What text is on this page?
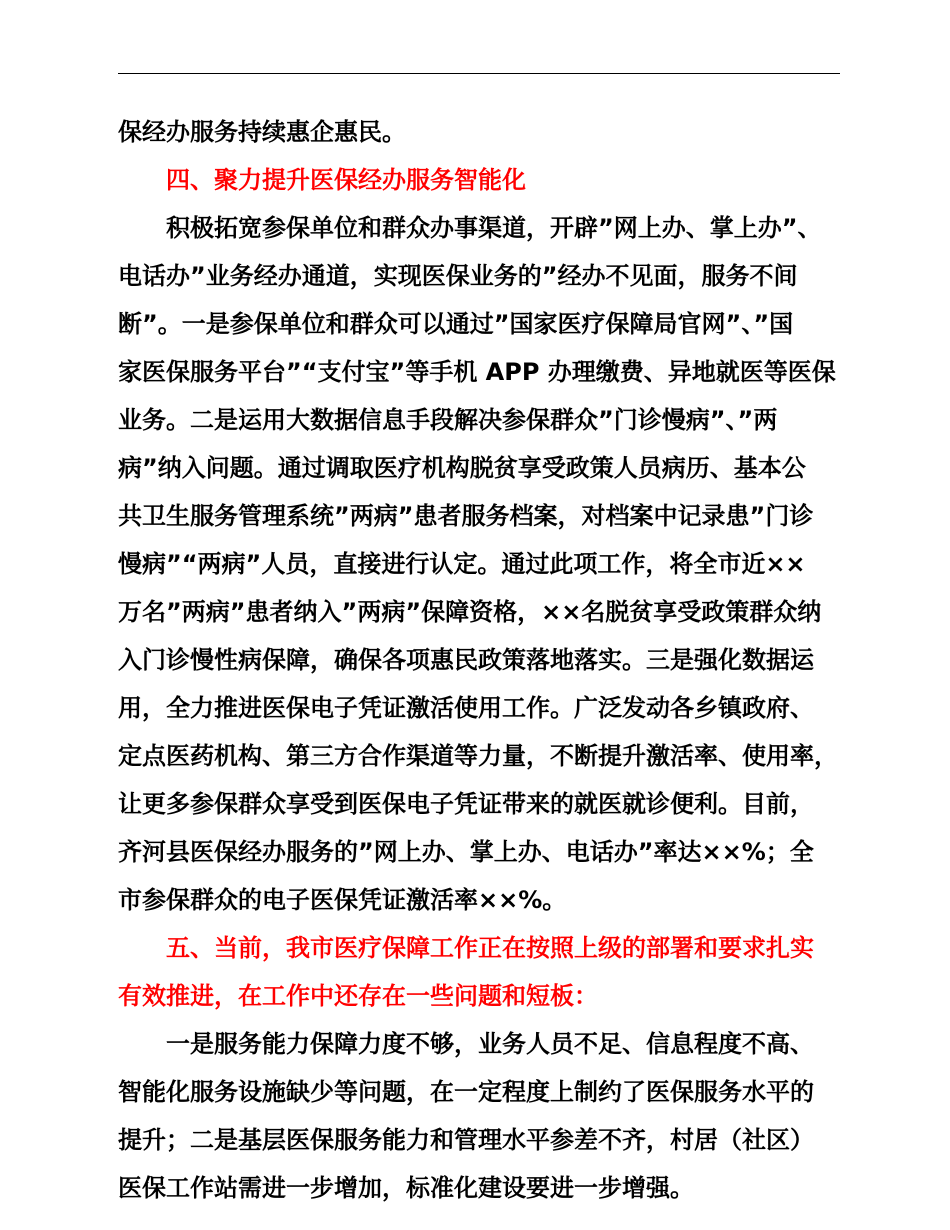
保经办服务持续惠企惠民。
四、聚力提升医保经办服务智能化
积极拓宽参保单位和群众办事渠道，开辟”网上办、掌上办”、
电话办”业务经办通道，实现医保业务的”经办不见面，服务不间
断”。一是参保单位和群众可以通过”国家医疗保障局官网”、”国
家医保服务平台”“支付宝”等手机 APP 办理缴费、异地就医等医保
业务。二是运用大数据信息手段解决参保群众”门诊慢病”、”两
病”纳入问题。通过调取医疗机构脱贫享受政策人员病历、基本公
共卫生服务管理系统”两病”患者服务档案，对档案中记录患”门诊
慢病”“两病”人员，直接进行认定。通过此项工作，将全市近××
万名”两病”患者纳入”两病”保障资格，××名脱贫享受政策群众纳
入门诊慢性病保障，确保各项惠民政策落地落实。三是强化数据运
用，全力推进医保电子凭证激活使用工作。广泛发动各乡镇政府、
定点医药机构、第三方合作渠道等力量，不断提升激活率、使用率，
让更多参保群众享受到医保电子凭证带来的就医就诊便利。目前，
齐河县医保经办服务的”网上办、掌上办、电话办”率达××%；全
市参保群众的电子医保凭证激活率××%。
五、当前，我市医疗保障工作正在按照上级的部署和要求扎实
有效推进，在工作中还存在一些问题和短板：
一是服务能力保障力度不够，业务人员不足、信息程度不高、
智能化服务设施缺少等问题，在一定程度上制约了医保服务水平的
提升；二是基层医保服务能力和管理水平参差不齐，村居（社区）
医保工作站需进一步增加，标准化建设要进一步增强。
